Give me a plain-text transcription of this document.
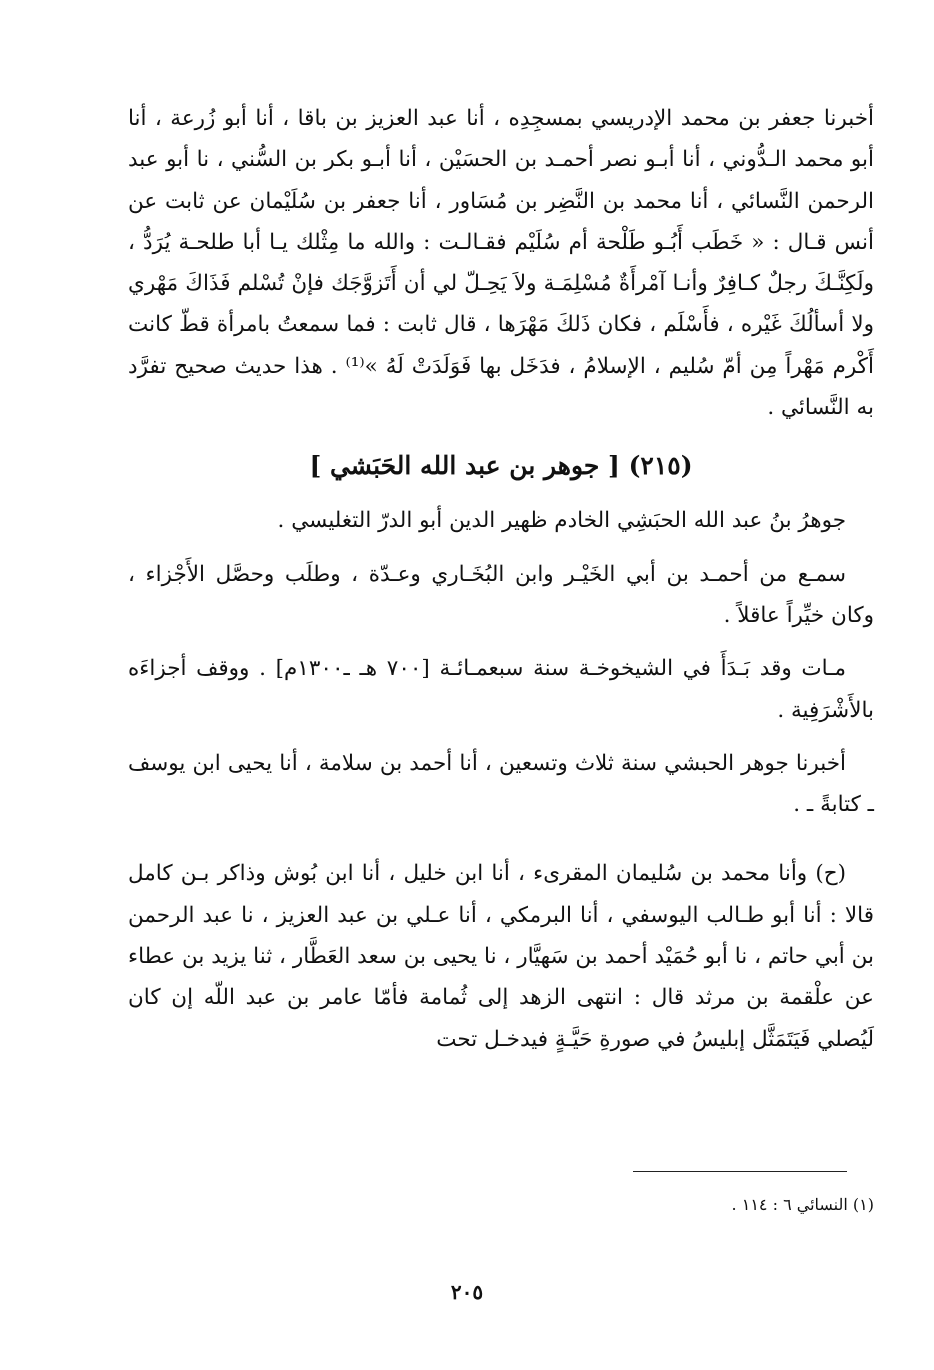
أخبرنا جعفر بن محمد الإدريسي بمسجِدِه ، أنا عبد العزيز بن باقا ، أنا أبو زُرعة ، أنا أبو محمد الـدُّوني ، أنا أبـو نصر أحمـد بن الحسَيْن ، أنا أبـو بكر بن السُّني ، نا أبو عبد الرحمن النَّسائي ، أنا محمد بن النَّضِر بن مُسَاور ، أنا جعفر بن سُلَيْمان عن ثابت عن أنس قـال : « خَطَب أَبُـو طَلْحة أم سُلَيْم فقـالـت : والله ما مِثْلك يـا أبا طلحـة يُرَدُّ ، ولَكِنَّـكَ رجلٌ كـافِرٌ وأنـا آمْرأَةٌ مُسْلِمَـة ولاَ يَحِـلّ لي أن أَتَزوَّجَك فإنْ تُسْلم فَذَاكَ مَهْري ولا أسألُكَ غَيْره ، فأَسْلَم ، فكان ذَلكَ مَهْرَها ، قال ثابت : فما سمعتُ بامرأة قطّ كانت أَكْرم مَهْراً مِن أمّ سُليم ، الإسلامُ ، فدَخَل بها فَوَلَدَتْ لَهُ »⁽¹⁾ . هذا حديث صحيح تفرَّد به النَّسائي .

(٢١٥) [ جوهر بن عبد الله الحَبَشي ]

جوهرُ بنُ عبد الله الحبَشِي الخادم ظهير الدين أبو الدرّ التغليسي .

سمـع من أحمـد بن أبي الخَيْـر وابن البُخَـاري وعـدّة ، وطلَب وحصَّل الأَجْزاء ، وكان خيِّراً عاقلاً .

مـات وقد بَـدَأَ في الشيخوخـة سنة سبعمـائـة [٧٠٠ هـ ـ١٣٠٠م] . ووقف أجزاءَه بالأَشْرَفِية .

أخبرنا جوهر الحبشي سنة ثلاث وتسعين ، أنا أحمد بن سلامة ، أنا يحيى ابن يوسف ـ كتابةً ـ .

(ح) وأنا محمد بن سُليمان المقرىء ، أنا ابن خليل ، أنا ابن بُوش وذاكر بـن كامل قالا : أنا أبو طـالب اليوسفي ، أنا البرمكي ، أنا عـلي بن عبد العزيز ، نا عبد الرحمن بن أبي حاتم ، نا أبو حُمَيْد أحمد بن سَهيَّار ، نا يحيى بن سعد العَطَّار ، ثنا يزيد بن عطاء عن علْقمة بن مرثد قال : انتهى الزهد إلى ثُمامة فأمّا عامر بن عبد اللّه إن كان لَيُصلي فَيَتَمَثَّل إبليسُ في صورةِ حَيَّـةٍ فيدخـل تحت

(١) النسائي ٦ : ١١٤ .
٢٠٥
